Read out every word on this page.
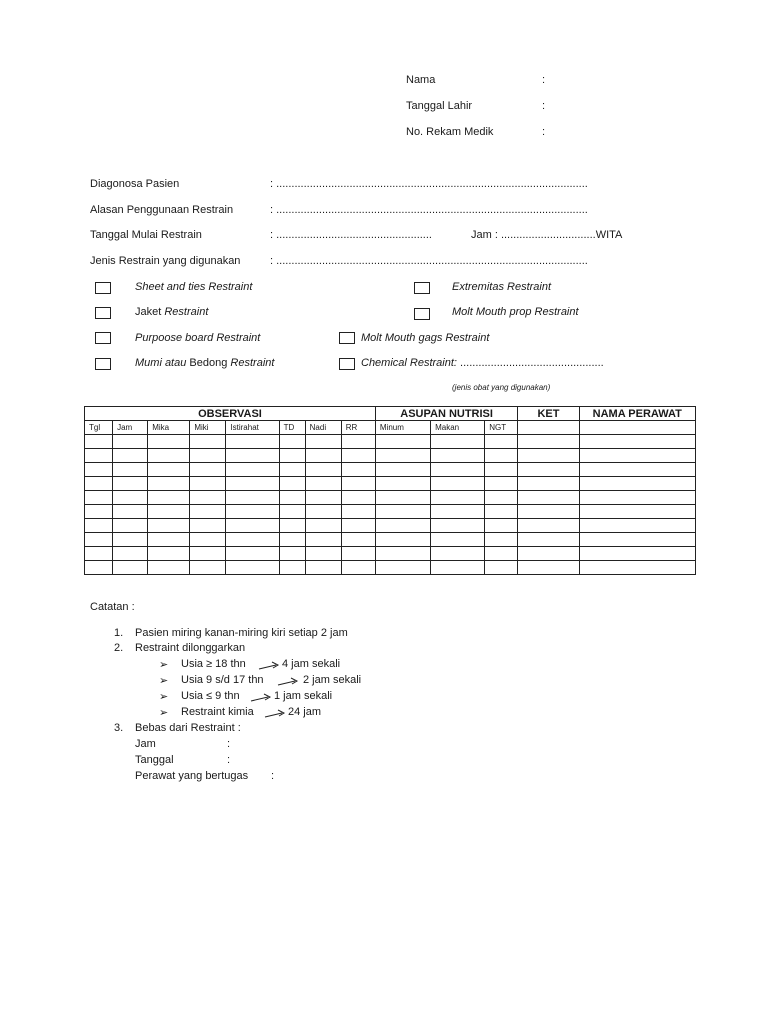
Nama	:
Tanggal Lahir	:
No. Rekam Medik	:
Diagonosa Pasien	: ......................................................................................................
Alasan Penggunaan Restrain	: ......................................................................................................
Tanggal Mulai Restrain	: ...................................................	Jam : ...............................WITA
Jenis Restrain yang digunakan	: ......................................................................................................
Sheet and ties Restraint	Extremitas Restraint
Jaket Restraint	Molt Mouth prop Restraint
Purpoose board Restraint	Molt Mouth gags Restraint
Mumi atau Bedong Restraint	Chemical Restraint: ...............................................
(jenis obat yang digunakan)
OBSERVASI								ASUPAN NUTRISI			KET	NAMA PERAWAT
Tgl	Jam	Mika	Miki	Istirahat	TD	Nadi	RR	Minum	Makan	NGT		

Catatan :
1. Pasien miring kanan-miring kiri setiap 2 jam
2. Restraint dilonggarkan
➢ Usia ≥ 18 thn	4 jam sekali
➢ Usia 9 s/d 17 thn	2 jam sekali
➢ Usia ≤ 9 thn	1 jam sekali
➢ Restraint kimia	24 jam
3. Bebas dari Restraint :
Jam	:
Tanggal	:
Perawat yang bertugas :
